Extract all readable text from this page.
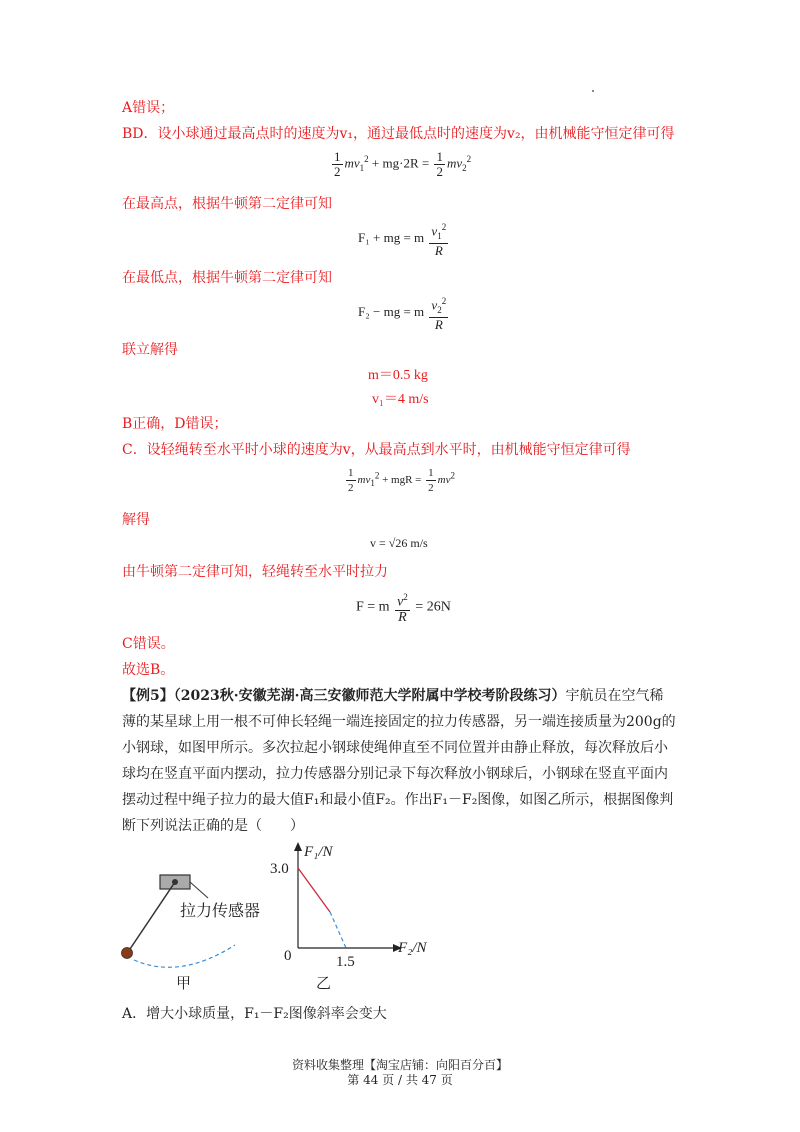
A错误；
BD．设小球通过最高点时的速度为v₁，通过最低点时的速度为v₂，由机械能守恒定律可得
$\frac{1}{2} mv_1^2 + mg\cdot 2R = \frac{1}{2} mv_2^2$
在最高点，根据牛顿第二定律可知
F₁ + mg = m $\frac{v_1^2}{R}$
在最低点，根据牛顿第二定律可知
F₂ − mg = m $\frac{v_2^2}{R}$
联立解得
m＝0.5 kg
v₁＝4 m/s
B正确，D错误；
C．设轻绳转至水平时小球的速度为v，从最高点到水平时，由机械能守恒定律可得
$\frac{1}{2} mv_1^2$ + mgR = $\frac{1}{2} mv^2$
解得
v = √26 m/s
由牛顿第二定律可知，轻绳转至水平时拉力
F = m $\frac{v^2}{R} = 26N$
C错误。
故选B。
【例5】（2023秋·安徽芜湖·高三安徽师范大学附属中学校考阶段练习）宇航员在空气稀
薄的某星球上用一根不可伸长轻绳一端连接固定的拉力传感器，另一端连接质量为200g的
小钢球，如图甲所示。多次拉起小钢球使绳伸直至不同位置并由静止释放，每次释放后小
球均在竖直平面内摆动，拉力传感器分别记录下每次释放小钢球后，小钢球在竖直平面内
摆动过程中绳子拉力的最大值F₁和最小值F₂。作出F₁－F₂图像，如图乙所示，根据图像判
断下列说法正确的是（　　）
拉力传感器
甲
F₁/N
F₂/N
3.0
1.5
0
乙
A．增大小球质量，F₁－F₂图像斜率会变大
资料收集整理【淘宝店铺：向阳百分百】
第 44 页 / 共 47 页
